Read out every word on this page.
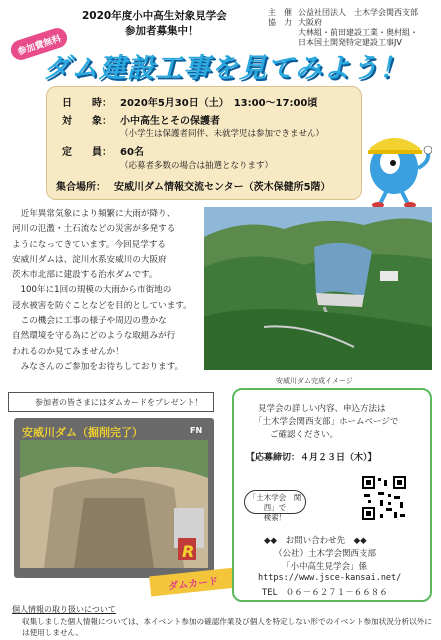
参加費無料
2020年度小中高生対象見学会
参加者募集中！
主　催 公益社団法人　土木学会関西支部
協　力 大阪府
大林組・前田建設工業・奥村組・
日本国土開発特定建設工事JV
ダム建設工事を見てみよう！
日　　時： 2020年5月30日（土）　13:00～17:00頃
対　　象： 小中高生とその保護者
（小学生は保護者同伴、未就学児は参加できません）
定　　員： 60名
（応募者多数の場合は抽選となります）
集合場所： 安威川ダム情報交流センター（茨木保健所5階）

　近年異常気象により頻繁に大雨が降り、

河川の氾濫・土石流などの災害が多発する

ようになってきています。今回見学する

安威川ダムは、淀川水系安威川の大阪府

茨木市北部に建設する治水ダムです。

　100年に1回の規模の大雨から市街地の

浸水被害を防ぐことなどを目的としています。

　この機会に工事の様子や周辺の豊かな

自然環境を守る為にどのような取組みが行

われるのか見てみませんか！

　みなさんのご参加をお待ちしております。

安威川ダム完成イメージ
参加者の皆さまにはダムカードをプレゼント！
安威川ダム（掘削完了）	FN
R
ダムカード
見学会の詳しい内容、申込方法は
「土木学会関西支部」ホームページで
ご確認ください。
【応募締切：４月２３日（木）】
「土木学会　関西」で
検索！
◆◆　お問い合わせ先　◆◆
（公社）土木学会関西支部
「小中高生見学会」係
https://www.jsce-kansai.net/
TEL　０６－６２７１－６６８６
個人情報の取り扱いについて
収集しました個人情報については、本イベント参加の確認作業及び個人を特定しない形でのイベント参加状況分析以外には使用しません。
